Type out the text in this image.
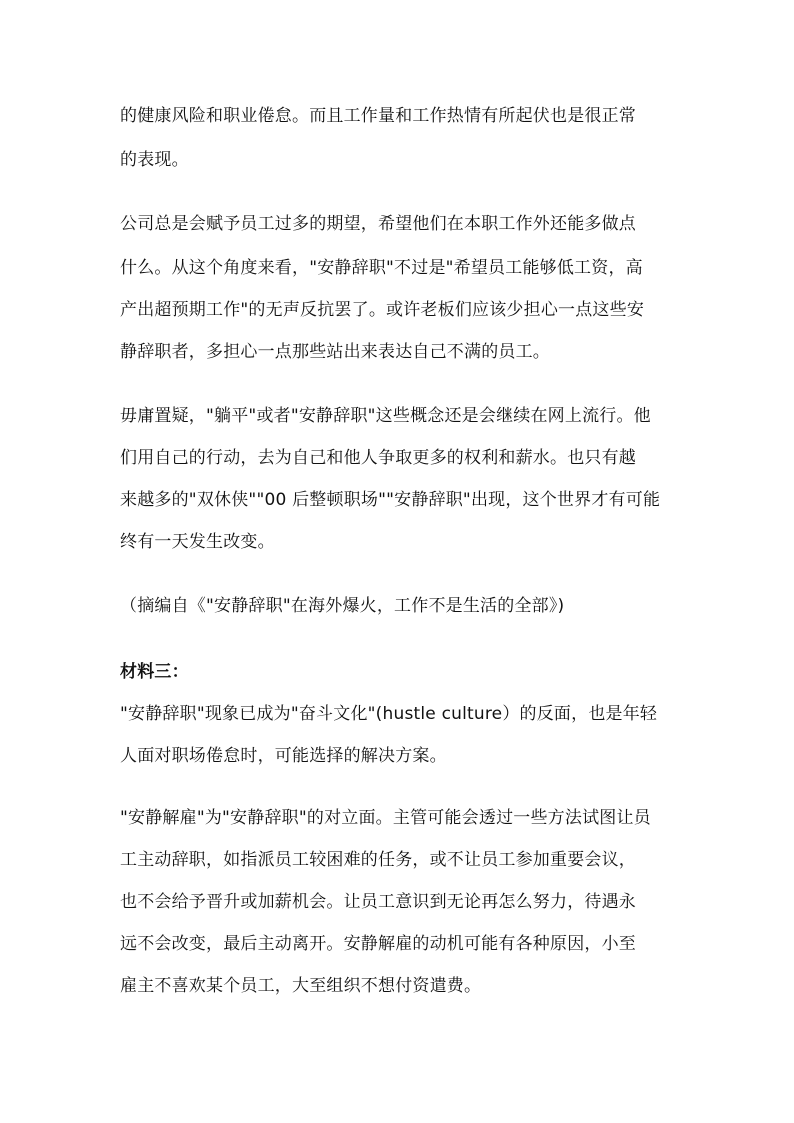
的健康风险和职业倦怠。而且工作量和工作热情有所起伏也是很正常
的表现。
公司总是会赋予员工过多的期望，希望他们在本职工作外还能多做点
什么。从这个角度来看，"安静辞职"不过是"希望员工能够低工资，高
产出超预期工作"的无声反抗罢了。或许老板们应该少担心一点这些安
静辞职者，多担心一点那些站出来表达自己不满的员工。
毋庸置疑，"躺平"或者"安静辞职"这些概念还是会继续在网上流行。他
们用自己的行动，去为自己和他人争取更多的权利和薪水。也只有越
来越多的"双休侠""00 后整顿职场""安静辞职"出现，这个世界才有可能
终有一天发生改变。
（摘编自《"安静辞职"在海外爆火，工作不是生活的全部》)
材料三：
"安静辞职"现象已成为"奋斗文化"(hustle culture）的反面，也是年轻
人面对职场倦怠时，可能选择的解决方案。
"安静解雇"为"安静辞职"的对立面。主管可能会透过一些方法试图让员
工主动辞职，如指派员工较困难的任务，或不让员工参加重要会议，
也不会给予晋升或加薪机会。让员工意识到无论再怎么努力，待遇永
远不会改变，最后主动离开。安静解雇的动机可能有各种原因，小至
雇主不喜欢某个员工，大至组织不想付资遣费。
